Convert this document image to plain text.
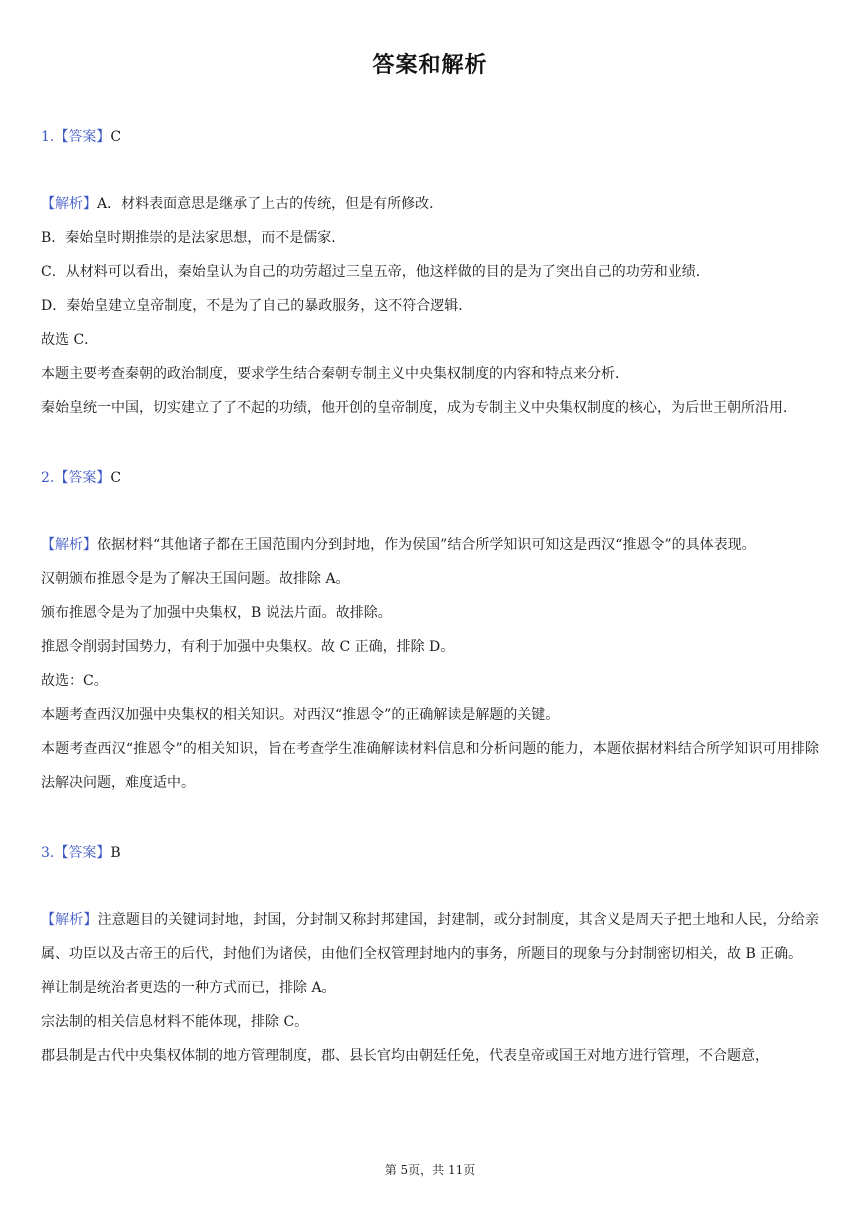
答案和解析
1.【答案】C

【解析】A．材料表面意思是继承了上古的传统，但是有所修改．

B．秦始皇时期推崇的是法家思想，而不是儒家．

C．从材料可以看出，秦始皇认为自己的功劳超过三皇五帝，他这样做的目的是为了突出自己的功劳和业绩．

D．秦始皇建立皇帝制度，不是为了自己的暴政服务，这不符合逻辑．

故选 C．

本题主要考查秦朝的政治制度，要求学生结合秦朝专制主义中央集权制度的内容和特点来分析．

秦始皇统一中国，切实建立了了不起的功绩，他开创的皇帝制度，成为专制主义中央集权制度的核心，为后世王朝所沿用．

2.【答案】C

【解析】依据材料“其他诸子都在王国范围内分到封地，作为侯国”结合所学知识可知这是西汉“推恩令”的具体表现。

汉朝颁布推恩令是为了解决王国问题。故排除 A。

颁布推恩令是为了加强中央集权，B 说法片面。故排除。

推恩令削弱封国势力，有利于加强中央集权。故 C 正确，排除 D。

故选：C。

本题考查西汉加强中央集权的相关知识。对西汉“推恩令”的正确解读是解题的关键。

本题考查西汉“推恩令”的相关知识，旨在考查学生准确解读材料信息和分析问题的能力，本题依据材料结合所学知识可用排除法解决问题，难度适中。

3.【答案】B

【解析】注意题目的关键词封地，封国，分封制又称封邦建国，封建制，或分封制度，其含义是周天子把土地和人民，分给亲属、功臣以及古帝王的后代，封他们为诸侯，由他们全权管理封地内的事务，所题目的现象与分封制密切相关，故 B 正确。

禅让制是统治者更迭的一种方式而已，排除 A。

宗法制的相关信息材料不能体现，排除 C。

郡县制是古代中央集权体制的地方管理制度，郡、县长官均由朝廷任免，代表皇帝或国王对地方进行管理，不合题意，

第 5页，共 11页
